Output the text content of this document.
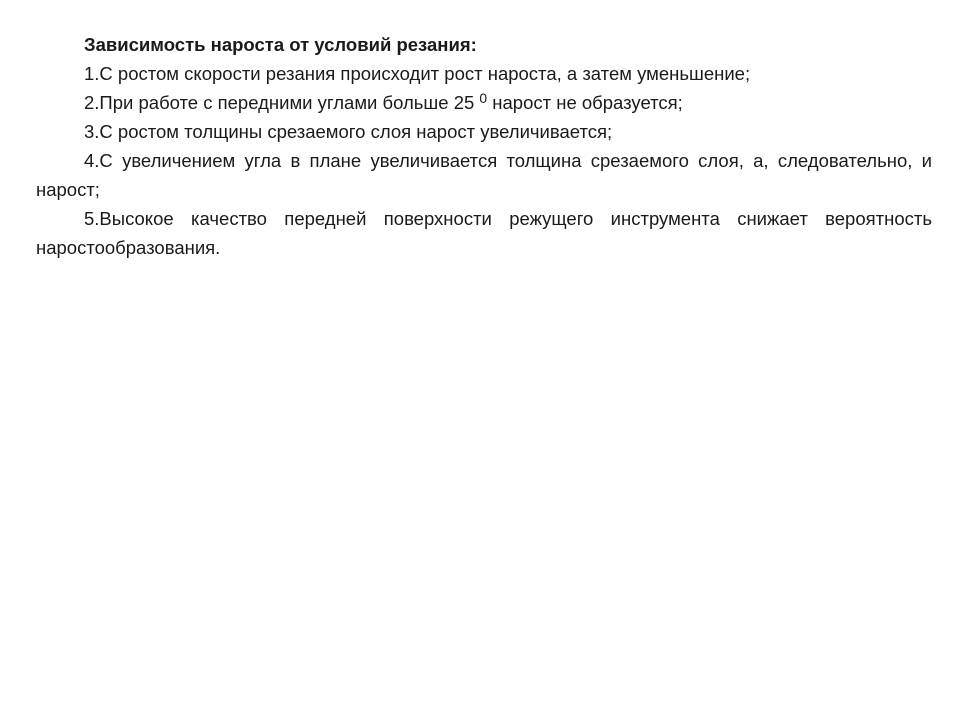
Зависимость нароста от условий резания:

1.С ростом скорости резания происходит рост нароста, а затем уменьшение;

2.При работе с передними углами больше 25 $^0$ нарост не образуется;

3.С ростом толщины срезаемого слоя нарост увеличивается;

4.С увеличением угла в плане увеличивается толщина срезаемого слоя, а, следовательно, и нарост;

5.Высокое качество передней поверхности режущего инструмента снижает вероятность наростообразования.
